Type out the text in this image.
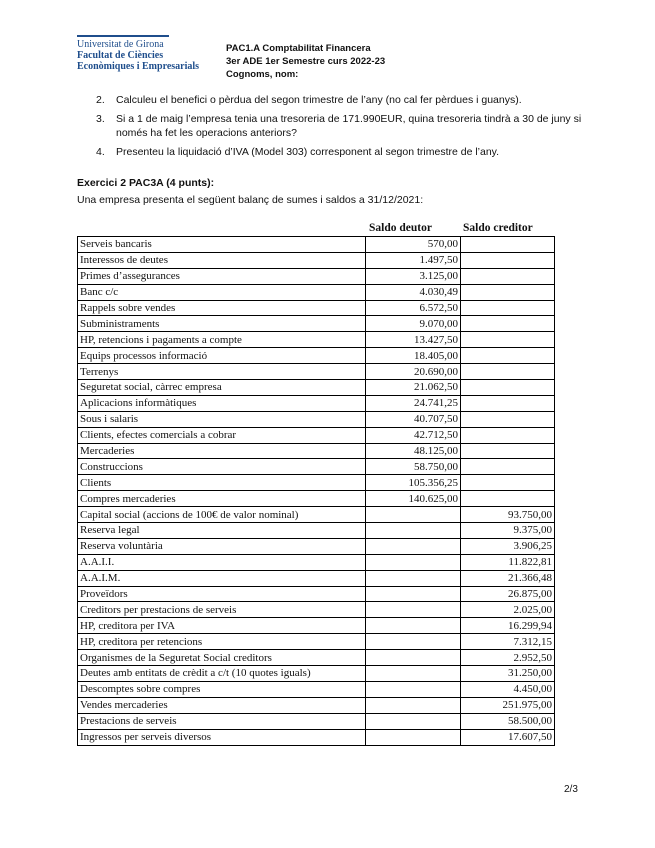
Universitat de Girona
Facultat de Ciències
Econòmiques i Empresarials
PAC1.A Comptabilitat Financera
3er ADE 1er Semestre curs 2022-23
Cognoms, nom:
2.	Calculeu el benefici o pèrdua del segon trimestre de l’any (no cal fer pèrdues i guanys).
3.	Si a 1 de maig l’empresa tenia una tresoreria de 171.990EUR, quina tresoreria tindrà a 30 de juny si només ha fet les operacions anteriors?
4.	Presenteu la liquidació d’IVA (Model 303) corresponent al segon trimestre de l’any.
Exercici 2 PAC3A (4 punts):
Una empresa presenta el següent balanç de sumes i saldos a 31/12/2021:
Saldo deutor	Saldo creditor
Serveis bancaris	570,00	
Interessos de deutes	1.497,50	
Primes d’assegurances	3.125,00	
Banc c/c	4.030,49	
Rappels sobre vendes	6.572,50	
Subministraments	9.070,00	
HP, retencions i pagaments a compte	13.427,50	
Equips processos informació	18.405,00	
Terrenys	20.690,00	
Seguretat social, càrrec empresa	21.062,50	
Aplicacions informàtiques	24.741,25	
Sous i salaris	40.707,50	
Clients, efectes comercials a cobrar	42.712,50	
Mercaderies	48.125,00	
Construccions	58.750,00	
Clients	105.356,25	
Compres mercaderies	140.625,00	
Capital social (accions de 100€ de valor nominal)		93.750,00
Reserva legal		9.375,00
Reserva voluntària		3.906,25
A.A.I.I.		11.822,81
A.A.I.M.		21.366,48
Proveïdors		26.875,00
Creditors per prestacions de serveis		2.025,00
HP, creditora per IVA		16.299,94
HP, creditora per retencions		7.312,15
Organismes de la Seguretat Social creditors		2.952,50
Deutes amb entitats de crèdit a c/t (10 quotes iguals)		31.250,00
Descomptes sobre compres		4.450,00
Vendes mercaderies		251.975,00
Prestacions de serveis		58.500,00
Ingressos per serveis diversos		17.607,50
2/3
